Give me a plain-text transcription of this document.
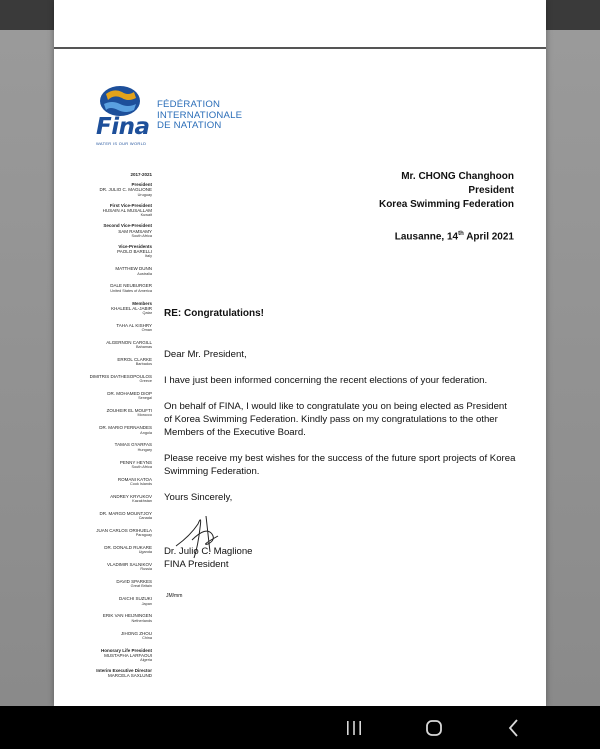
Fina
WATER IS OUR WORLD
FÉDÉRATION
INTERNATIONALE
DE NATATION
2017-2021
President
DR. JULIO C. MAGLIONE
Uruguay
First Vice-President
HUSAIN AL MUSALLAM
Kuwait
Second Vice-President
SAM RAMSAMY
South Africa
Vice-Presidents
PAOLO BARELLI
Italy
MATTHEW DUNN
Australia
DALE NEUBURGER
United States of America
Members
KHALEEL AL-JABIR
Qatar
TAHA AL KISHRY
Oman
ALGERNON CARGILL
Bahamas
ERROL CLARKE
Barbados
DIMITRIS DIATHESOPOULOS
Greece
DR. MOHAMED DIOP
Senegal
ZOUHEIR EL MOUFTI
Morocco
DR. MARIO FERNANDES
Angola
TAMAS GYARFAS
Hungary
PENNY HEYNS
South Africa
ROMANI KATOA
Cook Islands
ANDREY KRYUKOV
Kazakhstan
DR. MARGO MOUNTJOY
Canada
JUAN CARLOS ORIHUELA
Paraguay
DR. DONALD RUKARE
Uganda
VLADIMIR SALNIKOV
Russia
DAVID SPARKES
Great Britain
DAICHI SUZUKI
Japan
ERIK VAN HEIJNINGEN
Netherlands
JIHONG ZHOU
China
Honorary Life President
MUSTAPHA LARFAOUI
Algeria
Interim Executive Director
MARCELA SAXLUND
Mr. CHONG Changhoon
President
Korea Swimming Federation
Lausanne, 14th April 2021
RE: Congratulations!
Dear Mr. President,
I have just been informed concerning the recent elections of your federation.
On behalf of FINA, I would like to congratulate you on being elected as President of Korea Swimming Federation. Kindly pass on my congratulations to the other Members of the Executive Board.
Please receive my best wishes for the success of the future sport projects of Korea Swimming Federation.
Yours Sincerely,
Dr. Julio C. Maglione
FINA President
JM/mm
